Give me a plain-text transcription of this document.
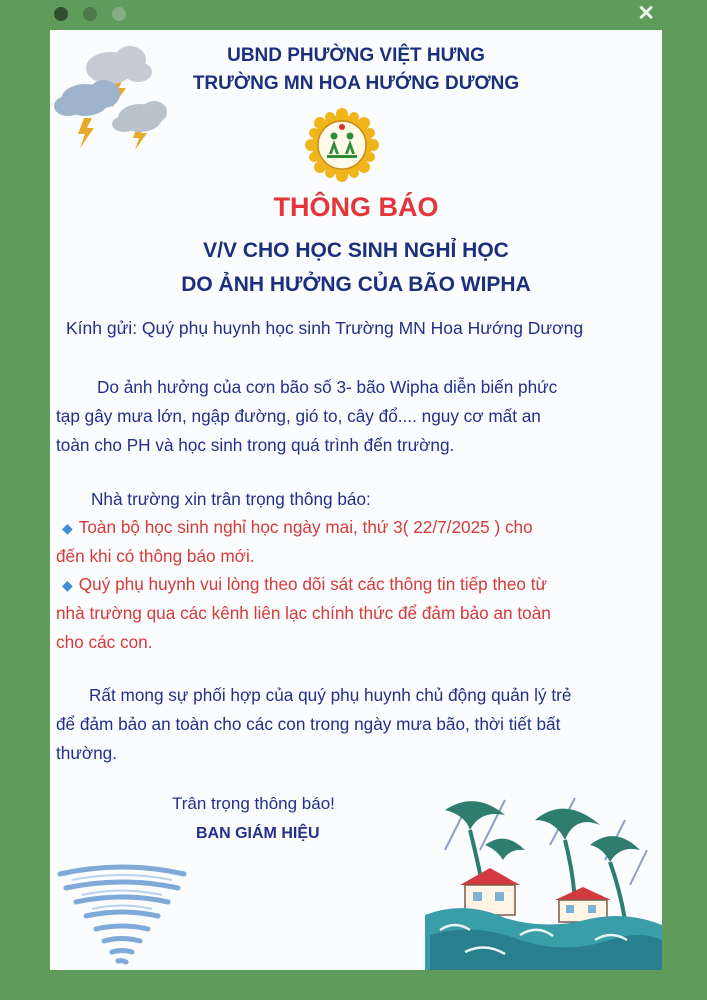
✕
UBND PHƯỜNG VIỆT HƯNG
TRƯỜNG MN HOA HƯỚNG DƯƠNG
THÔNG BÁO
V/V CHO HỌC SINH NGHỈ HỌC
DO ẢNH HƯỞNG CỦA BÃO WIPHA
Kính gửi: Quý phụ huynh học sinh Trường MN Hoa Hướng Dương
Do ảnh hưởng của cơn bão số 3- bão Wipha diễn biến phức
tạp gây mưa lớn, ngập đường, gió to, cây đổ.... nguy cơ mất an
toàn cho PH và học sinh trong quá trình đến trường.
Nhà trường xin trân trọng thông báo:
◆ Toàn bộ học sinh nghỉ học ngày mai, thứ 3( 22/7/2025 ) cho
đến khi có thông báo mới.
◆ Quý phụ huynh vui lòng theo dõi sát các thông tin tiếp theo từ
nhà trường qua các kênh liên lạc chính thức để đảm bảo an toàn
cho các con.
Rất mong sự phối hợp của quý phụ huynh chủ động quản lý trẻ
để đảm bảo an toàn cho các con trong ngày mưa bão, thời tiết bất
thường.
Trân trọng thông báo!
BAN GIÁM HIỆU
